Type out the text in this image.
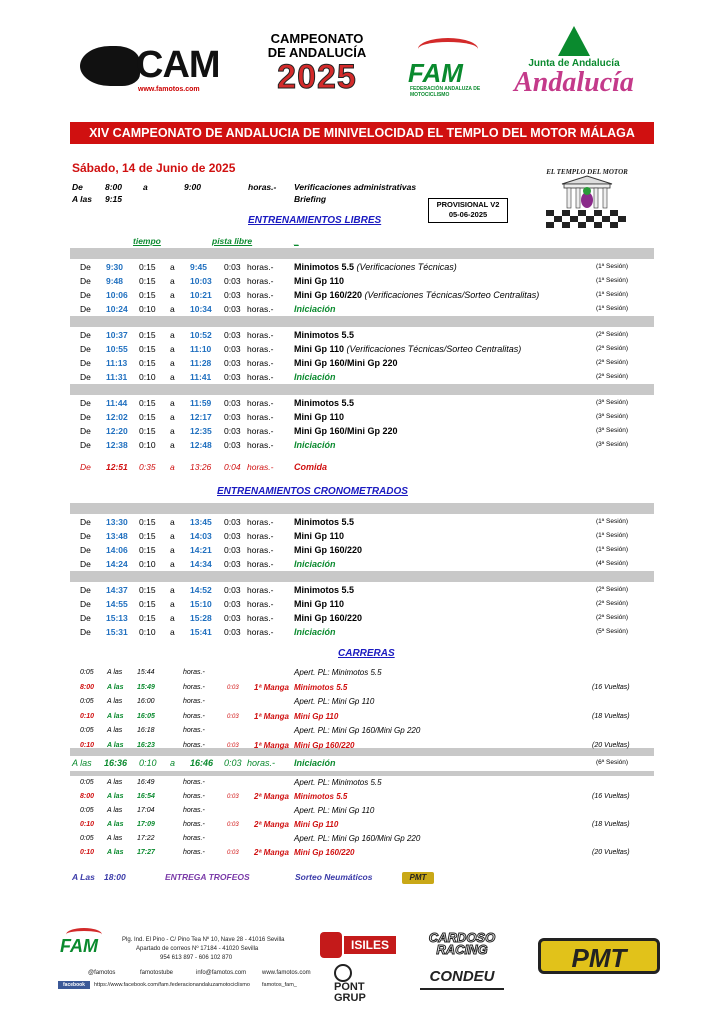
CAM
www.famotos.com
CAMPEONATO
DE ANDALUCÍA
2025	FAM
FEDERACIÓN ANDALUZA DE MOTOCICLISMO
Junta de Andalucía
Andalucía
XIV CAMPEONATO DE ANDALUCIA DE MINIVELOCIDAD EL TEMPLO DEL MOTOR MÁLAGA
Sábado, 14 de Junio de 2025
De	8:00 a	9:00	horas.- Verificaciones administrativas
A las 9:15	Briefing
PROVISIONAL V2
05-06-2025
EL TEMPLO DEL MOTOR
ENTRENAMIENTOS LIBRES
tiempo	pista libre	_
De 12:51 0:35 a 13:26 0:04 horas.- Comida
ENTRENAMIENTOS CRONOMETRADOS
CARRERAS
A las 16:36 0:10 a 16:46 0:03 horas.- Iniciación	(6ª Sesión)
A Las 18:00	ENTREGA TROFEOS	Sorteo Neumáticos	PMT
FAM	Plg. Ind. El Pino - C/ Pino Tea Nº 10, Nave 28 - 41016 Sevilla
Apartado de correos Nº 17184 - 41020 Sevilla
954 613 897 - 606 102 870
@famotos	famotostube	info@famotos.com	www.famotos.com
facebook	https://www.facebook.com/fam.federacionandaluzamotociclismo famotos_fam_
ISILES
PONT GRUP
CARDOSO RACING
CONDEU
PMT
De 9:30 0:15 a 9:45 0:03 horas.- Minimotos 5.5 (Verificaciones Técnicas)	(1ª Sesión)
De 9:48 0:15 a 10:03 0:03 horas.- Mini Gp 110	(1ª Sesión)
De 10:06 0:15 a 10:21 0:03 horas.- Mini Gp 160/220 (Verificaciones Técnicas/Sorteo Centralitas)	(1ª Sesión)
De 10:24 0:10 a 10:34 0:03 horas.- Iniciación	(1ª Sesión)
De 10:37 0:15 a 10:52 0:03 horas.- Minimotos 5.5	(2ª Sesión)
De 10:55 0:15 a 11:10 0:03 horas.- Mini Gp 110 (Verificaciones Técnicas/Sorteo Centralitas)	(2ª Sesión)
De 11:13 0:15 a 11:28 0:03 horas.- Mini Gp 160/Mini Gp 220	(2ª Sesión)
De 11:31 0:10 a 11:41 0:03 horas.- Iniciación	(2ª Sesión)
De 11:44 0:15 a 11:59 0:03 horas.- Minimotos 5.5	(3ª Sesión)
De 12:02 0:15 a 12:17 0:03 horas.- Mini Gp 110	(3ª Sesión)
De 12:20 0:15 a 12:35 0:03 horas.- Mini Gp 160/Mini Gp 220	(3ª Sesión)
De 12:38 0:10 a 12:48 0:03 horas.- Iniciación	(3ª Sesión)
De 13:30 0:15 a 13:45 0:03 horas.- Minimotos 5.5	(1ª Sesión)
De 13:48 0:15 a 14:03 0:03 horas.- Mini Gp 110	(1ª Sesión)
De 14:06 0:15 a 14:21 0:03 horas.- Mini Gp 160/220	(1ª Sesión)
De 14:24 0:10 a 14:34 0:03 horas.- Iniciación	(4ª Sesión)
De 14:37 0:15 a 14:52 0:03 horas.- Minimotos 5.5	(2ª Sesión)
De 14:55 0:15 a 15:10 0:03 horas.- Mini Gp 110	(2ª Sesión)
De 15:13 0:15 a 15:28 0:03 horas.- Mini Gp 160/220	(2ª Sesión)
De 15:31 0:10 a 15:41 0:03 horas.- Iniciación	(5ª Sesión)
0:05 A las 15:44	horas.-	Apert. PL: Minimotos 5.5
8:00 A las 15:49	horas.-	0:03 1ª Manga Minimotos 5.5	(16 Vueltas)
0:05 A las 16:00	horas.-	Apert. PL: Mini Gp 110
0:10 A las 16:05	horas.-	0:03 1ª Manga Mini Gp 110	(18 Vueltas)
0:05 A las 16:18	horas.-	Apert. PL: Mini Gp 160/Mini Gp 220
0:10 A las 16:23	horas.-	0:03 1ª Manga Mini Gp 160/220	(20 Vueltas)
0:05 A las 16:49	horas.-	Apert. PL: Minimotos 5.5
8:00 A las 16:54	horas.-	0:03 2ª Manga Minimotos 5.5	(16 Vueltas)
0:05 A las 17:04	horas.-	Apert. PL: Mini Gp 110
0:10 A las 17:09	horas.-	0:03 2ª Manga Mini Gp 110	(18 Vueltas)
0:05 A las 17:22	horas.-	Apert. PL: Mini Gp 160/Mini Gp 220
0:10 A las 17:27	horas.-	0:03 2ª Manga Mini Gp 160/220	(20 Vueltas)
